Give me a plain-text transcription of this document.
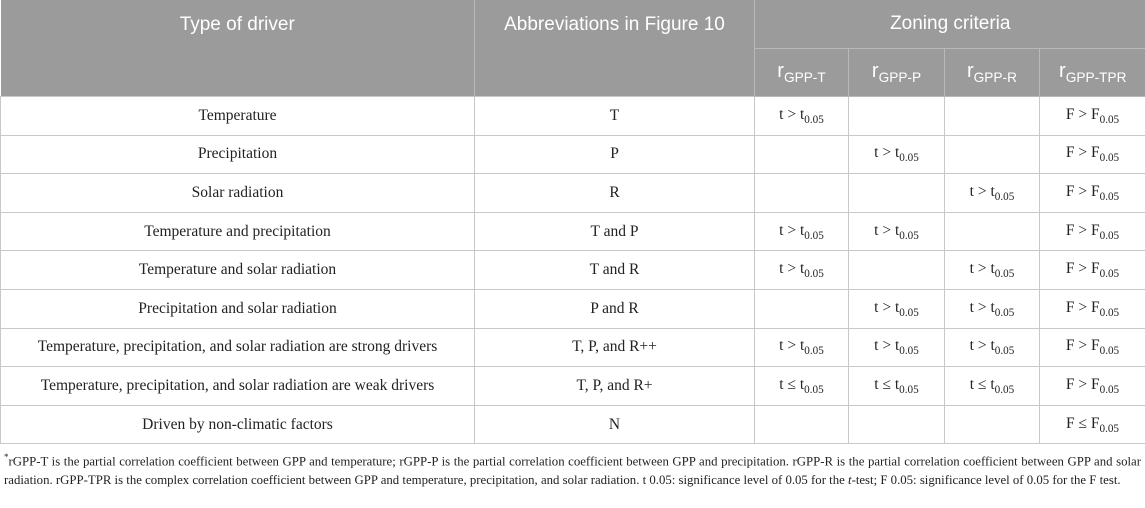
Type of driver	Abbreviations in Figure 10	Zoning criteria			
		$r_{GPP-T}$	$r_{GPP-P}$	$r_{GPP-R}$	$r_{GPP-TPR}$
Temperature	T	$t > t_{0.05}$			$F > F_{0.05}$
Precipitation	P		$t > t_{0.05}$		$F > F_{0.05}$
Solar radiation	R			$t > t_{0.05}$	$F > F_{0.05}$
Temperature and precipitation	T and P	$t > t_{0.05}$	$t > t_{0.05}$		$F > F_{0.05}$
Temperature and solar radiation	T and R	$t > t_{0.05}$		$t > t_{0.05}$	$F > F_{0.05}$
Precipitation and solar radiation	P and R		$t > t_{0.05}$	$t > t_{0.05}$	$F > F_{0.05}$
Temperature, precipitation, and solar radiation are strong drivers	T, P, and R++	$t > t_{0.05}$	$t > t_{0.05}$	$t > t_{0.05}$	$F > F_{0.05}$
Temperature, precipitation, and solar radiation are weak drivers	T, P, and R+	$t \le t_{0.05}$	$t \le t_{0.05}$	$t \le t_{0.05}$	$F > F_{0.05}$
Driven by non-climatic factors	N				$F \le F_{0.05}$
*rGPP-T is the partial correlation coefficient between GPP and temperature; rGPP-P is the partial correlation coefficient between GPP and precipitation. rGPP-R is the partial correlation coefficient between GPP and solar radiation. rGPP-TPR is the complex correlation coefficient between GPP and temperature, precipitation, and solar radiation. t 0.05: significance level of 0.05 for the t-test; F 0.05: significance level of 0.05 for the F test.
